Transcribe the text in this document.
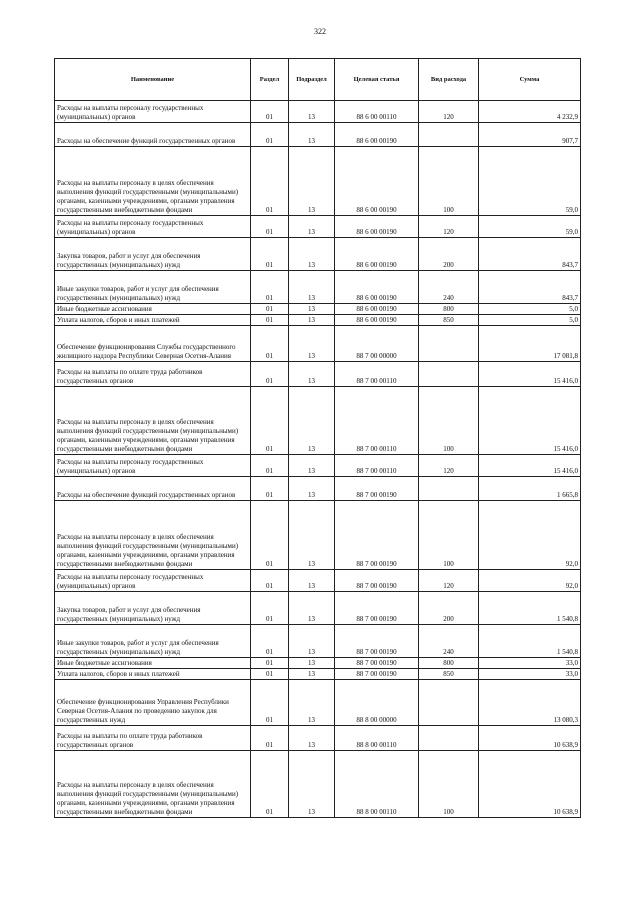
322
Наименование	Раздел	Подраздел	Целевая статья	Вид расхода	Сумма
Расходы на выплаты персоналу государственных (муниципальных) органов	01	13	88 6 00 00110	120	4 232,9
Расходы на обеспечение функций государственных органов	01	13	88 6 00 00190		907,7
Расходы на выплаты персоналу в целях обеспечения выполнения функций государственными (муниципальными) органами, казенными учреждениями, органами управления государственными внебюджетными фондами	01	13	88 6 00 00190	100	59,0
Расходы на выплаты персоналу государственных (муниципальных) органов	01	13	88 6 00 00190	120	59,0
Закупка товаров, работ и услуг для обеспечения государственных (муниципальных) нужд	01	13	88 6 00 00190	200	843,7
Иные закупки товаров, работ и услуг для обеспечения государственных (муниципальных) нужд	01	13	88 6 00 00190	240	843,7
Иные бюджетные ассигнования	01	13	88 6 00 00190	800	5,0
Уплата налогов, сборов и иных платежей	01	13	88 6 00 00190	850	5,0
Обеспечение функционирования Службы государственного жилищного надзора Республики Северная Осетия-Алания	01	13	88 7 00 00000		17 081,8
Расходы на выплаты по оплате труда работников государственных органов	01	13	88 7 00 00110		15 416,0
Расходы на выплаты персоналу в целях обеспечения выполнения функций государственными (муниципальными) органами, казенными учреждениями, органами управления государственными внебюджетными фондами	01	13	88 7 00 00110	100	15 416,0
Расходы на выплаты персоналу государственных (муниципальных) органов	01	13	88 7 00 00110	120	15 416,0
Расходы на обеспечение функций государственных органов	01	13	88 7 00 00190		1 665,8
Расходы на выплаты персоналу в целях обеспечения выполнения функций государственными (муниципальными) органами, казенными учреждениями, органами управления государственными внебюджетными фондами	01	13	88 7 00 00190	100	92,0
Расходы на выплаты персоналу государственных (муниципальных) органов	01	13	88 7 00 00190	120	92,0
Закупка товаров, работ и услуг для обеспечения государственных (муниципальных) нужд	01	13	88 7 00 00190	200	1 540,8
Иные закупки товаров, работ и услуг для обеспечения государственных (муниципальных) нужд	01	13	88 7 00 00190	240	1 540,8
Иные бюджетные ассигнования	01	13	88 7 00 00190	800	33,0
Уплата налогов, сборов и иных платежей	01	13	88 7 00 00190	850	33,0
Обеспечение функционирования Управления Республики Северная Осетия-Алания по проведению закупок для государственных нужд	01	13	88 8 00 00000		13 080,3
Расходы на выплаты по оплате труда работников государственных органов	01	13	88 8 00 00110		10 638,9
Расходы на выплаты персоналу в целях обеспечения выполнения функций государственными (муниципальными) органами, казенными учреждениями, органами управления государственными внебюджетными фондами	01	13	88 8 00 00110	100	10 638,9
